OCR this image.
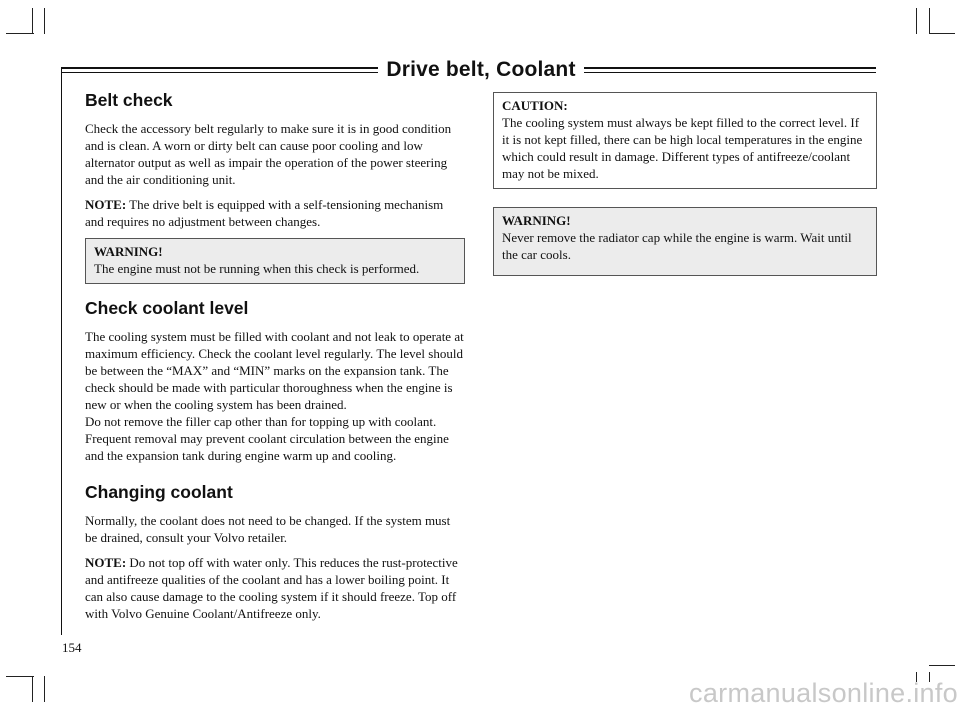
Drive belt, Coolant
Belt check

Check the accessory belt regularly to make sure it is in good condition and is clean. A worn or dirty belt can cause poor cooling and low alternator output as well as impair the operation of the power steering and the air conditioning unit.

NOTE: The drive belt is equipped with a self-tensioning mechanism and requires no adjustment between changes.

WARNING!
The engine must not be running when this check is performed.
Check coolant level

The cooling system must be filled with coolant and not leak to operate at maximum efficiency. Check the coolant level regularly. The level should be between the “MAX” and “MIN” marks on the expansion tank. The check should be made with particular thoroughness when the engine is new or when the cooling system has been drained.
Do not remove the filler cap other than for topping up with coolant. Frequent removal may prevent coolant circulation between the engine and the expansion tank during engine warm up and cooling.

Changing coolant

Normally, the coolant does not need to be changed. If the system must be drained, consult your Volvo retailer.

NOTE: Do not top off with water only. This reduces the rust-protective and antifreeze qualities of the coolant and has a lower boiling point. It can also cause damage to the cooling system if it should freeze. Top off with Volvo Genuine Coolant/Antifreeze only.

CAUTION:
The cooling system must always be kept filled to the correct level. If it is not kept filled, there can be high local temperatures in the engine which could result in damage. Different types of antifreeze/coolant may not be mixed.
WARNING!
Never remove the radiator cap while the engine is warm. Wait until the car cools.
154
carmanualsonline.info
